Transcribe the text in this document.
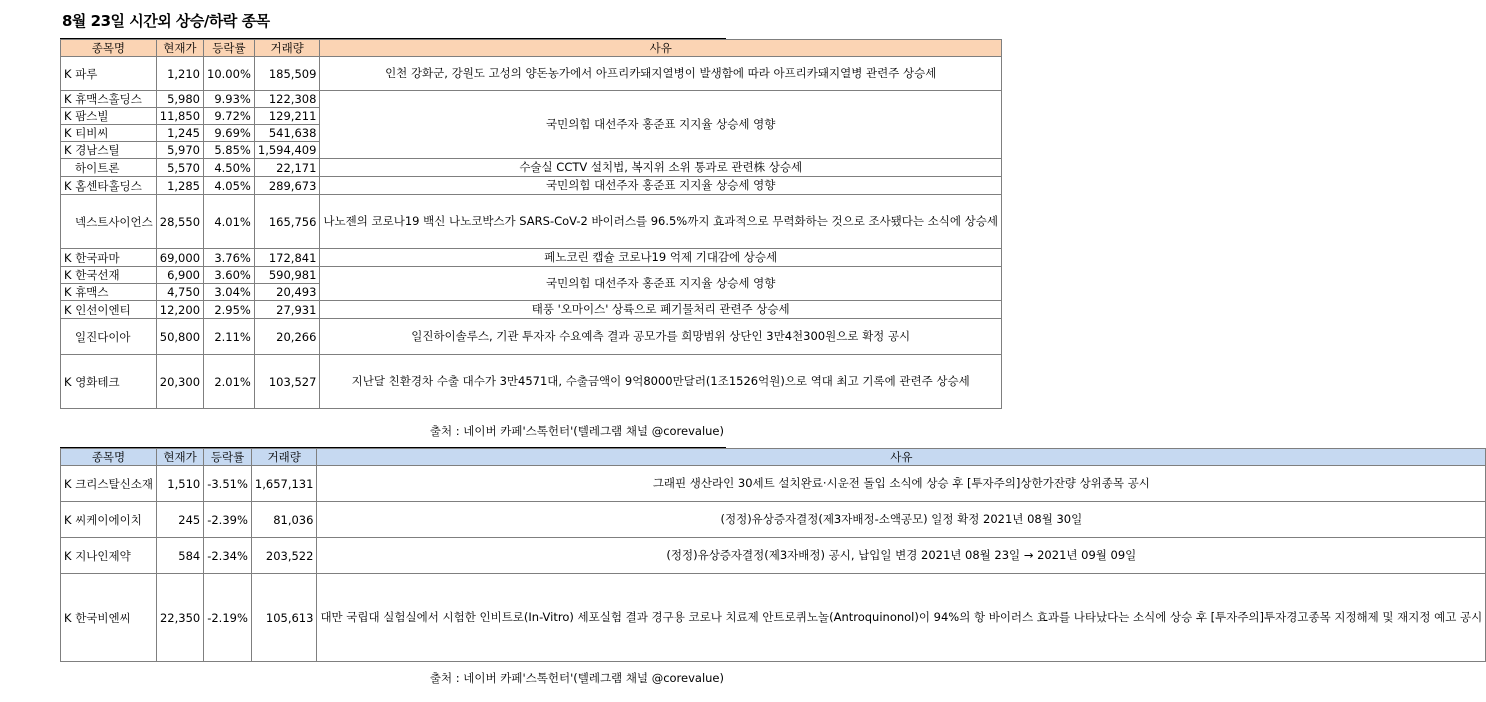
8월 23일 시간외 상승/하락 종목
종목명	현재가	등락률	거래량	사유
K 파루	1,210	10.00%	185,509	인천 강화군, 강원도 고성의 양돈농가에서 아프리카돼지열병이 발생함에 따라 아프리카돼지열병 관련주 상승세
K 휴맥스홀딩스	5,980	9.93%	122,308	국민의힘 대선주자 홍준표 지지율 상승세 영향
K 팜스빌	11,850	9.72%	129,211	
K 티비씨	1,245	9.69%	541,638	
K 경남스틸	5,970	5.85%	1,594,409	
하이트론	5,570	4.50%	22,171	수술실 CCTV 설치법, 복지위 소위 통과로 관련株 상승세
K 홈센타홀딩스	1,285	4.05%	289,673	국민의힘 대선주자 홍준표 지지율 상승세 영향
넥스트사이언스	28,550	4.01%	165,756	나노젠의 코로나19 백신 나노코박스가 SARS-CoV-2 바이러스를 96.5%까지 효과적으로 무력화하는 것으로 조사됐다는 소식에 상승세
K 한국파마	69,000	3.76%	172,841	페노코린 캡슐 코로나19 억제 기대감에 상승세
K 한국선재	6,900	3.60%	590,981	국민의힘 대선주자 홍준표 지지율 상승세 영향
K 휴맥스	4,750	3.04%	20,493	
K 인선이엔티	12,200	2.95%	27,931	태풍 '오마이스' 상륙으로 폐기물처리 관련주 상승세
일진다이아	50,800	2.11%	20,266	일진하이솔루스, 기관 투자자 수요예측 결과 공모가를 희망범위 상단인 3만4천300원으로 확정 공시
K 영화테크	20,300	2.01%	103,527	지난달 친환경차 수출 대수가 3만4571대, 수출금액이 9억8000만달러(1조1526억원)으로 역대 최고 기록에 관련주 상승세
출처 : 네이버 카페'스톡헌터'(텔레그램 채널 @corevalue)
종목명	현재가	등락률	거래량	사유
K 크리스탈신소재	1,510	-3.51%	1,657,131	그래핀 생산라인 30세트 설치완료·시운전 돌입 소식에 상승 후 [투자주의]상한가잔량 상위종목 공시
K 씨케이에이치	245	-2.39%	81,036	(정정)유상증자결정(제3자배정-소액공모) 일정 확정 2021년 08월 30일
K 지나인제약	584	-2.34%	203,522	(정정)유상증자결정(제3자배정) 공시, 납입일 변경 2021년 08월 23일 → 2021년 09월 09일
K 한국비엔씨	22,350	-2.19%	105,613	대만 국립대 실험실에서 시험한 인비트로(In-Vitro) 세포실험 결과 경구용 코로나 치료제 안트로퀴노놀(Antroquinonol)이 94%의 항 바이러스 효과를 나타났다는 소식에 상승 후 [투자주의]투자경고종목 지정해제 및 재지정 예고 공시
출처 : 네이버 카페'스톡헌터'(텔레그램 채널 @corevalue)
